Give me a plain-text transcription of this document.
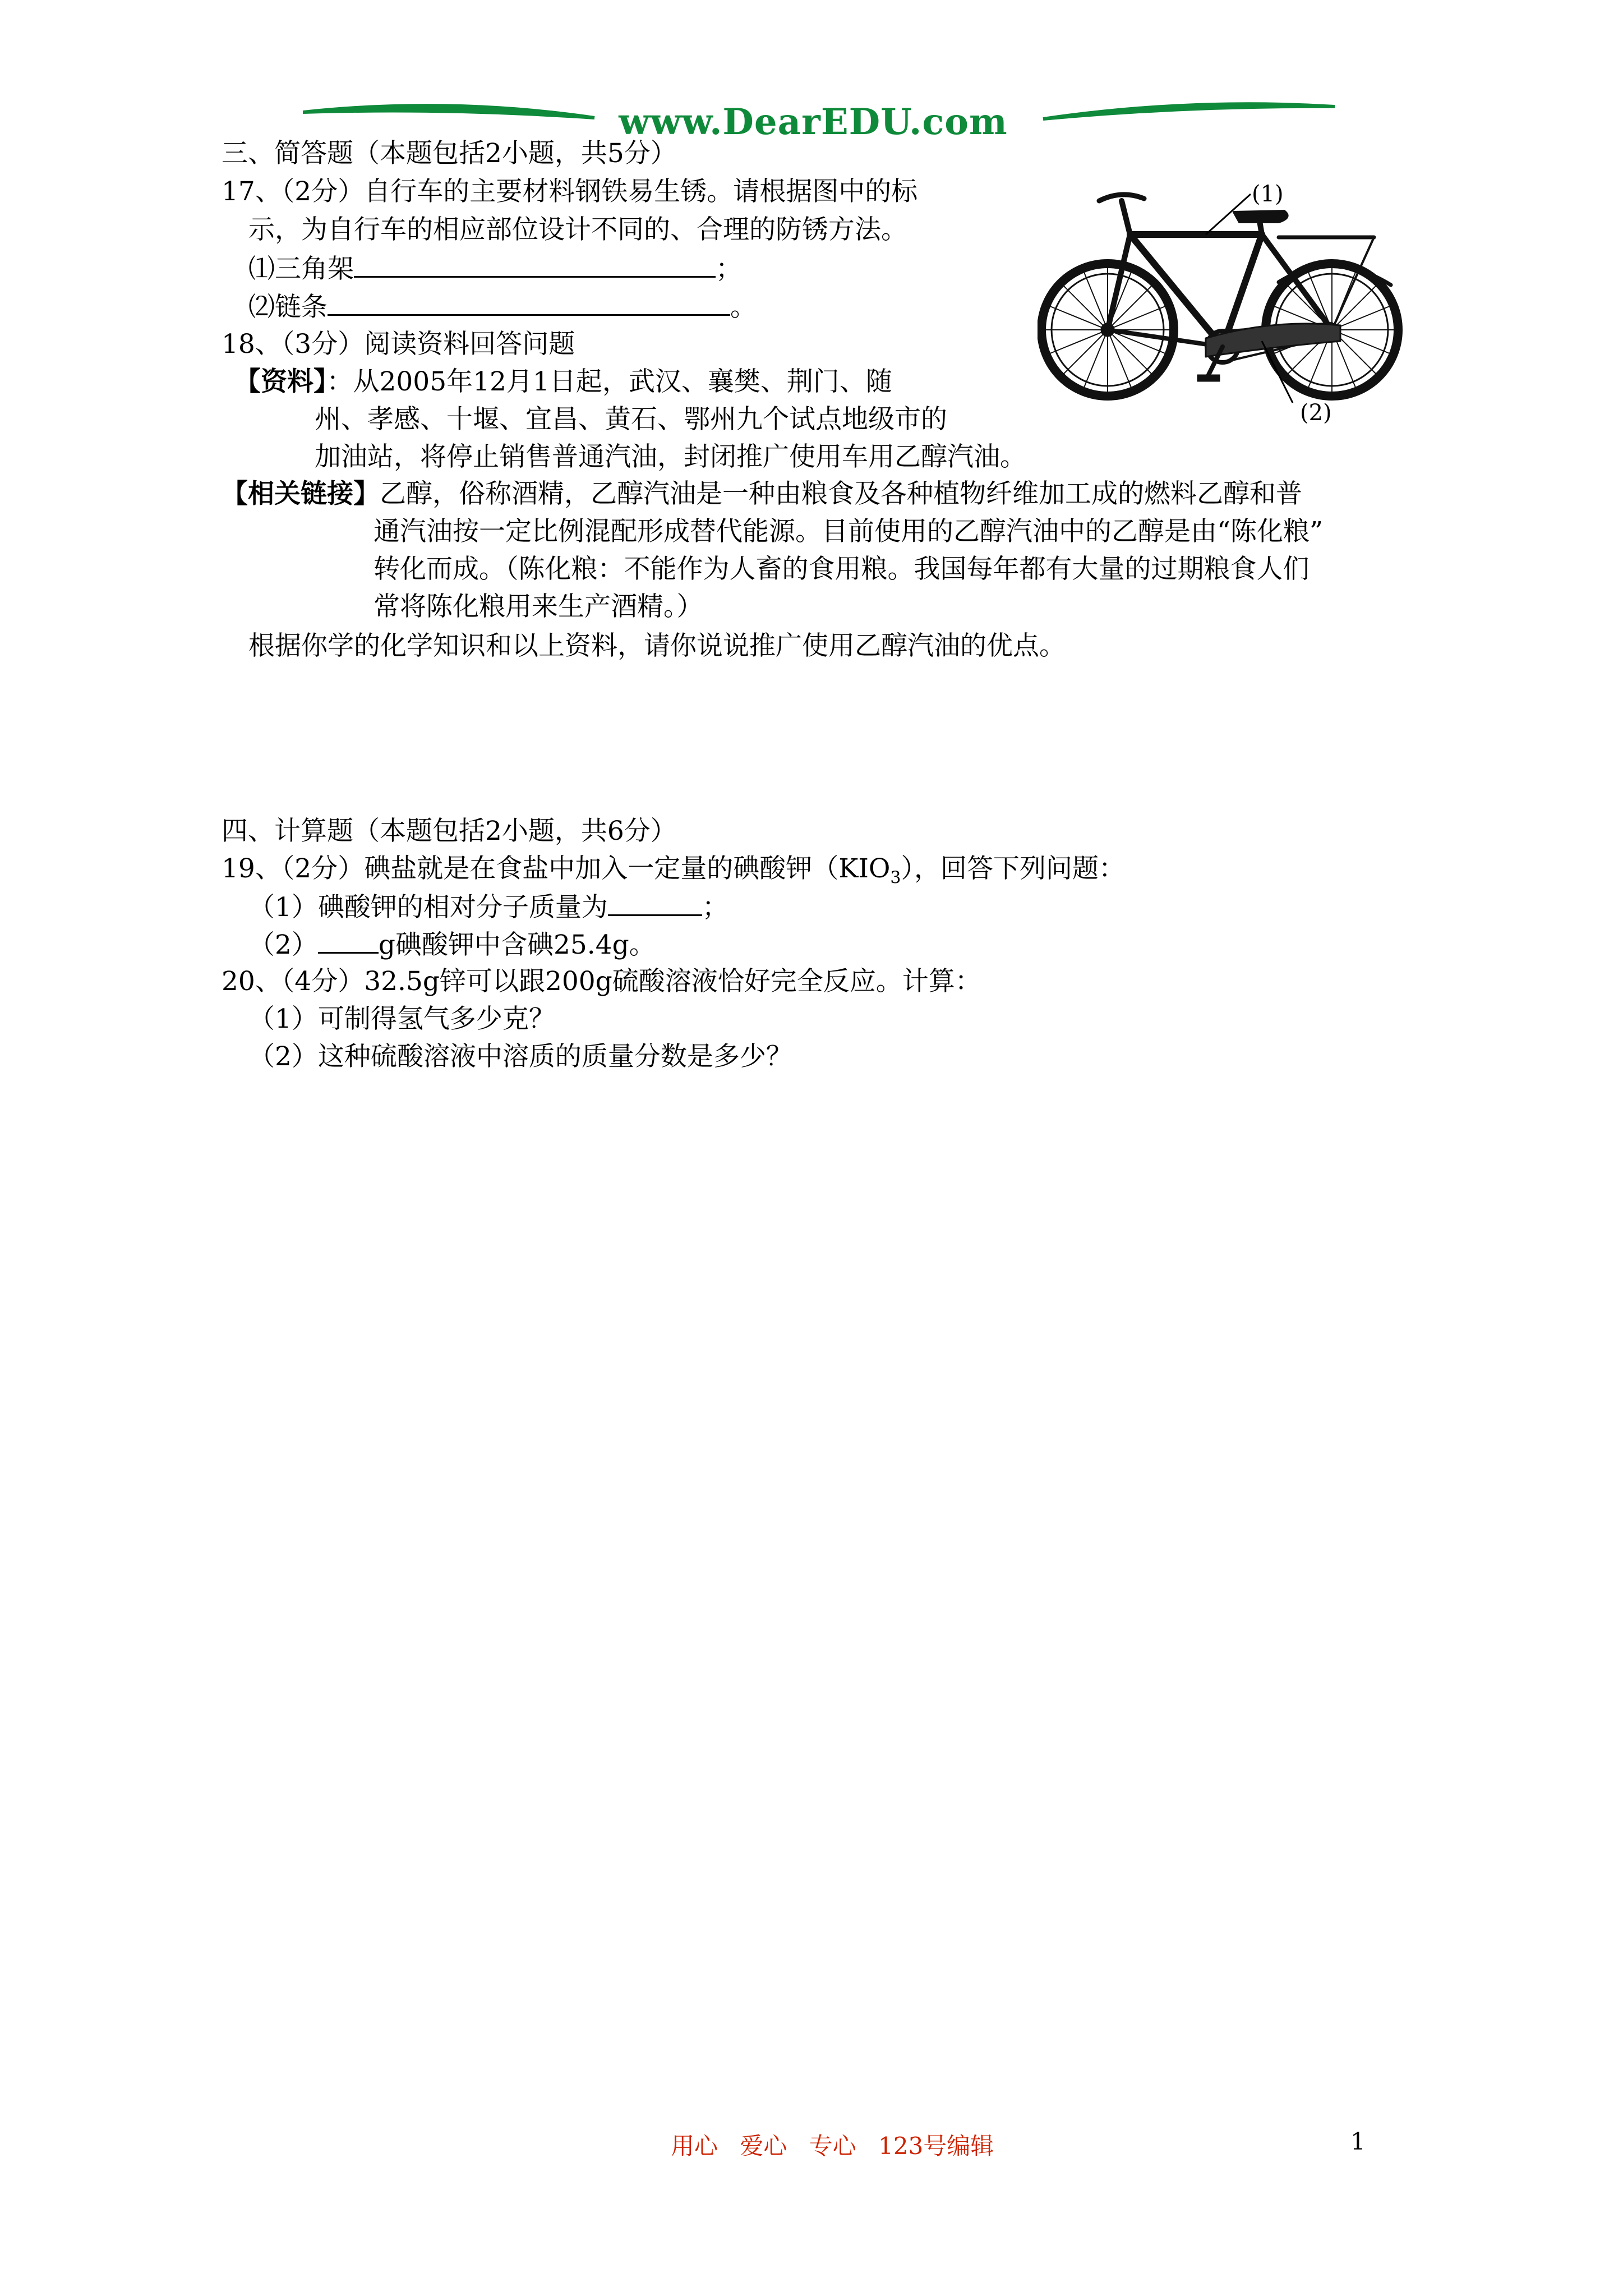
www.DearEDU.com
三、简答题（本题包括2小题，共5分）
17、（2分）自行车的主要材料钢铁易生锈。请根据图中的标
示，为自行车的相应部位设计不同的、合理的防锈方法。
⑴三角架	；
⑵链条	。
(1)
(2)
18、（3分）阅读资料回答问题
【资料】：从2005年12月1日起，武汉、襄樊、荆门、随
州、孝感、十堰、宜昌、黄石、鄂州九个试点地级市的
加油站，将停止销售普通汽油，封闭推广使用车用乙醇汽油。
【相关链接】乙醇，俗称酒精，乙醇汽油是一种由粮食及各种植物纤维加工成的燃料乙醇和普
通汽油按一定比例混配形成替代能源。目前使用的乙醇汽油中的乙醇是由“陈化粮”
转化而成。（陈化粮：不能作为人畜的食用粮。我国每年都有大量的过期粮食人们
常将陈化粮用来生产酒精。）
根据你学的化学知识和以上资料，请你说说推广使用乙醇汽油的优点。
四、计算题（本题包括2小题，共6分）
19、（2分）碘盐就是在食盐中加入一定量的碘酸钾$(KIO_3)$，回答下列问题：
（1）碘酸钾的相对分子质量为	；
（2） g碘酸钾中含碘25.4g。
20、（4分）32.5g锌可以跟200g硫酸溶液恰好完全反应。计算：
（1）可制得氢气多少克？
（2）这种硫酸溶液中溶质的质量分数是多少？
用心 爱心 专心 123号编辑	1
